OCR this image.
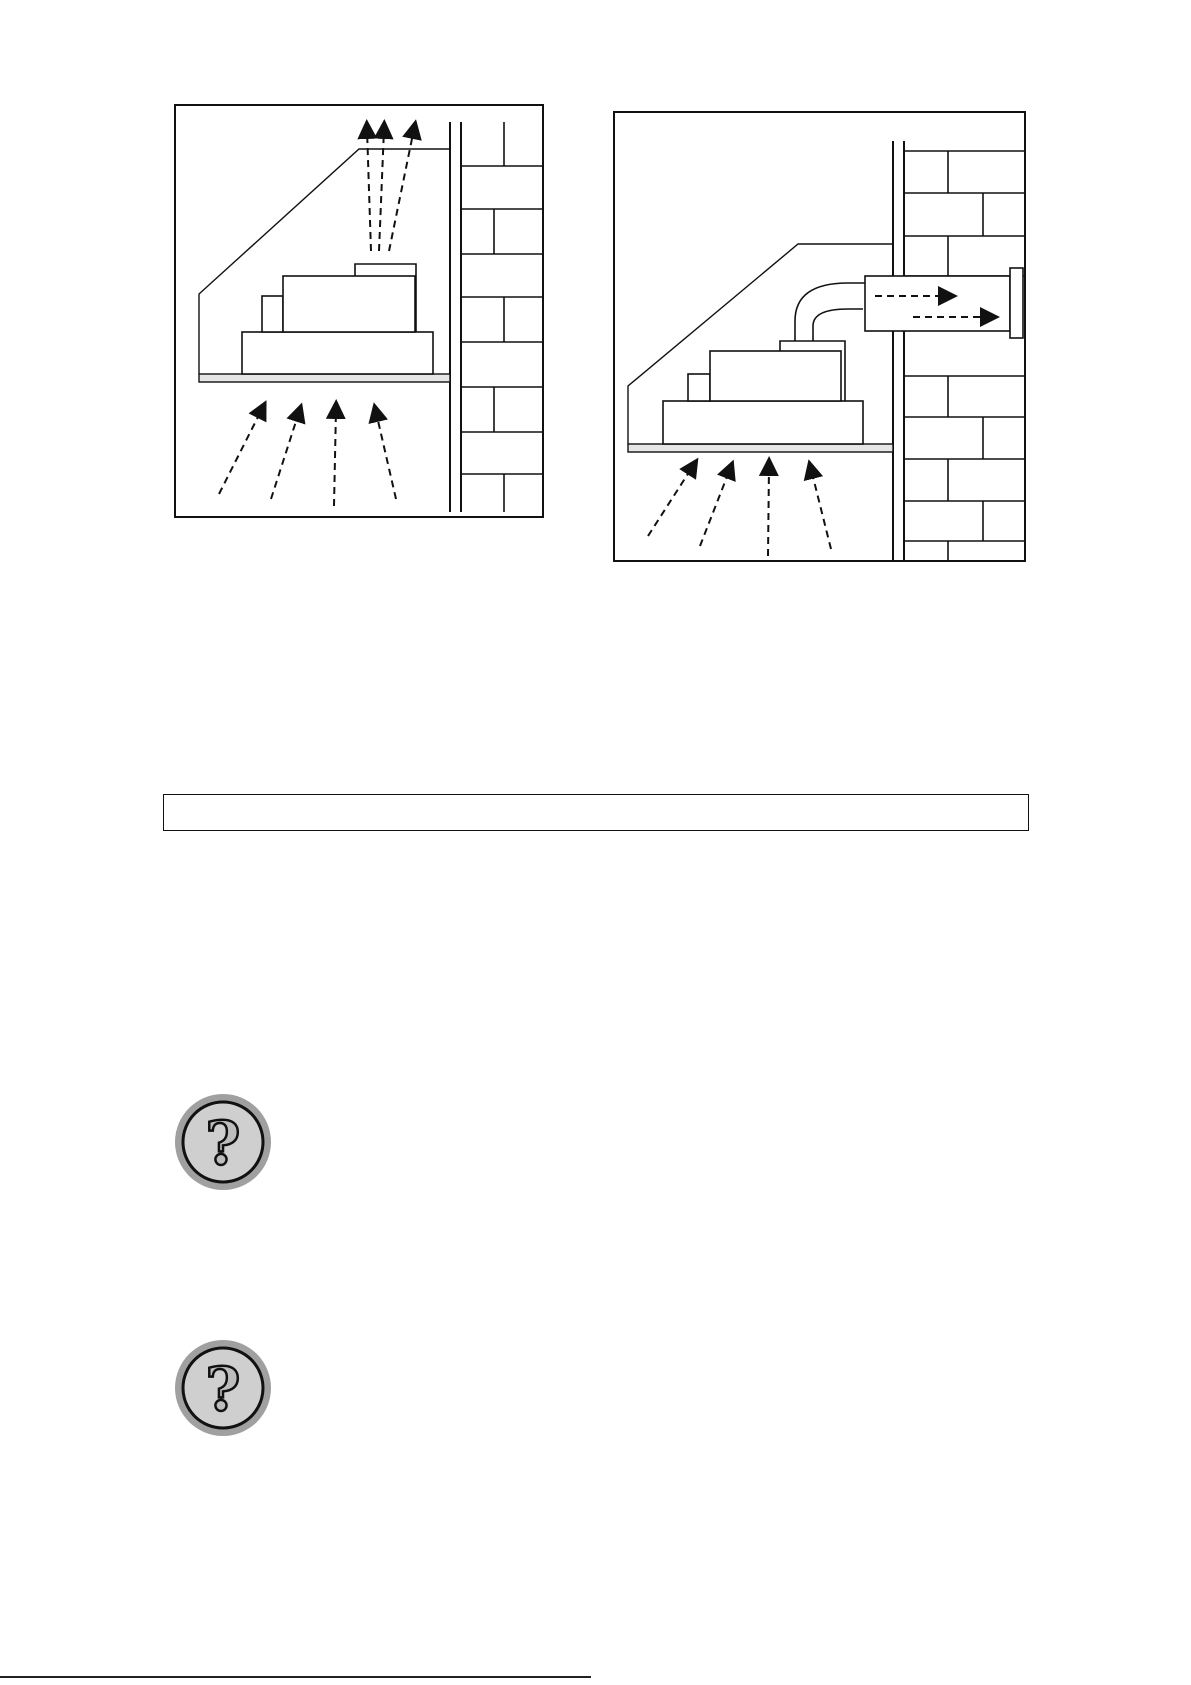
?
?
